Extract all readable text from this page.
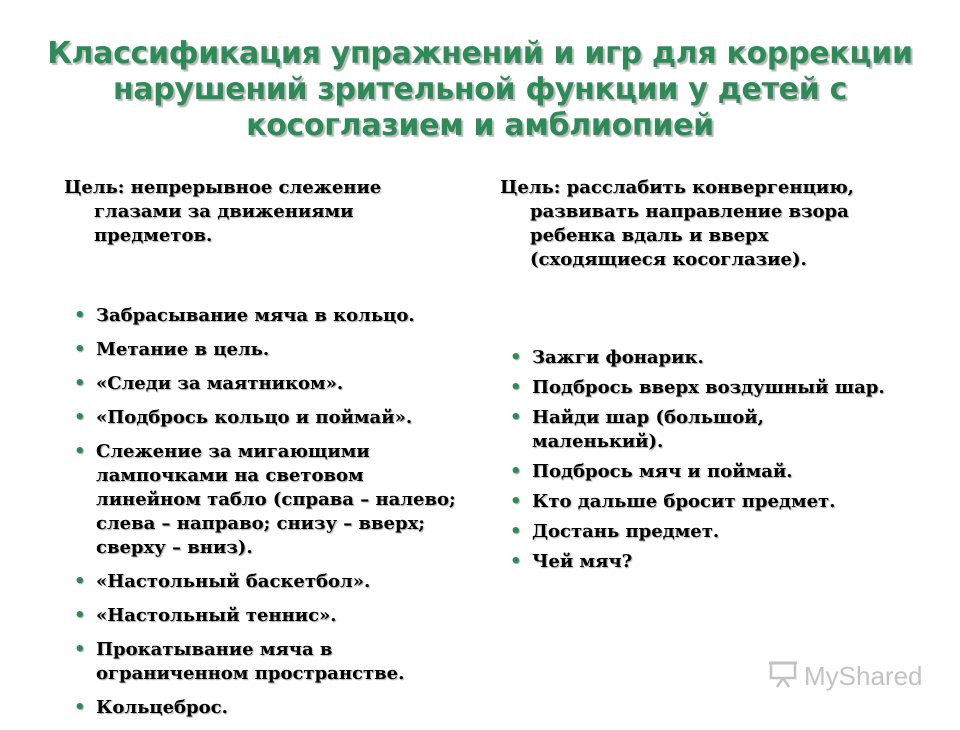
Классификация упражнений и игр для коррекции нарушений зрительной функции у детей с косоглазием и амблиопией
Цель: непрерывное слежение глазами за движениями предметов.
• Забрасывание мяча в кольцо.
• Метание в цель.
• «Следи за маятником».
• «Подбрось кольцо и поймай».
• Слежение за мигающими лампочками на световом линейном табло (справа – налево; слева – направо; снизу – вверх; сверху – вниз).
• «Настольный баскетбол».
• «Настольный теннис».
• Прокатывание мяча в ограниченном пространстве.
• Кольцеброс.
Цель: расслабить конвергенцию, развивать направление взора ребенка вдаль и вверх (сходящиеся косоглазие).
• Зажги фонарик.
• Подбрось вверх воздушный шар.
• Найди шар (большой, маленький).
• Подбрось мяч и поймай.
• Кто дальше бросит предмет.
• Достань предмет.
• Чей мяч?
MyShared
